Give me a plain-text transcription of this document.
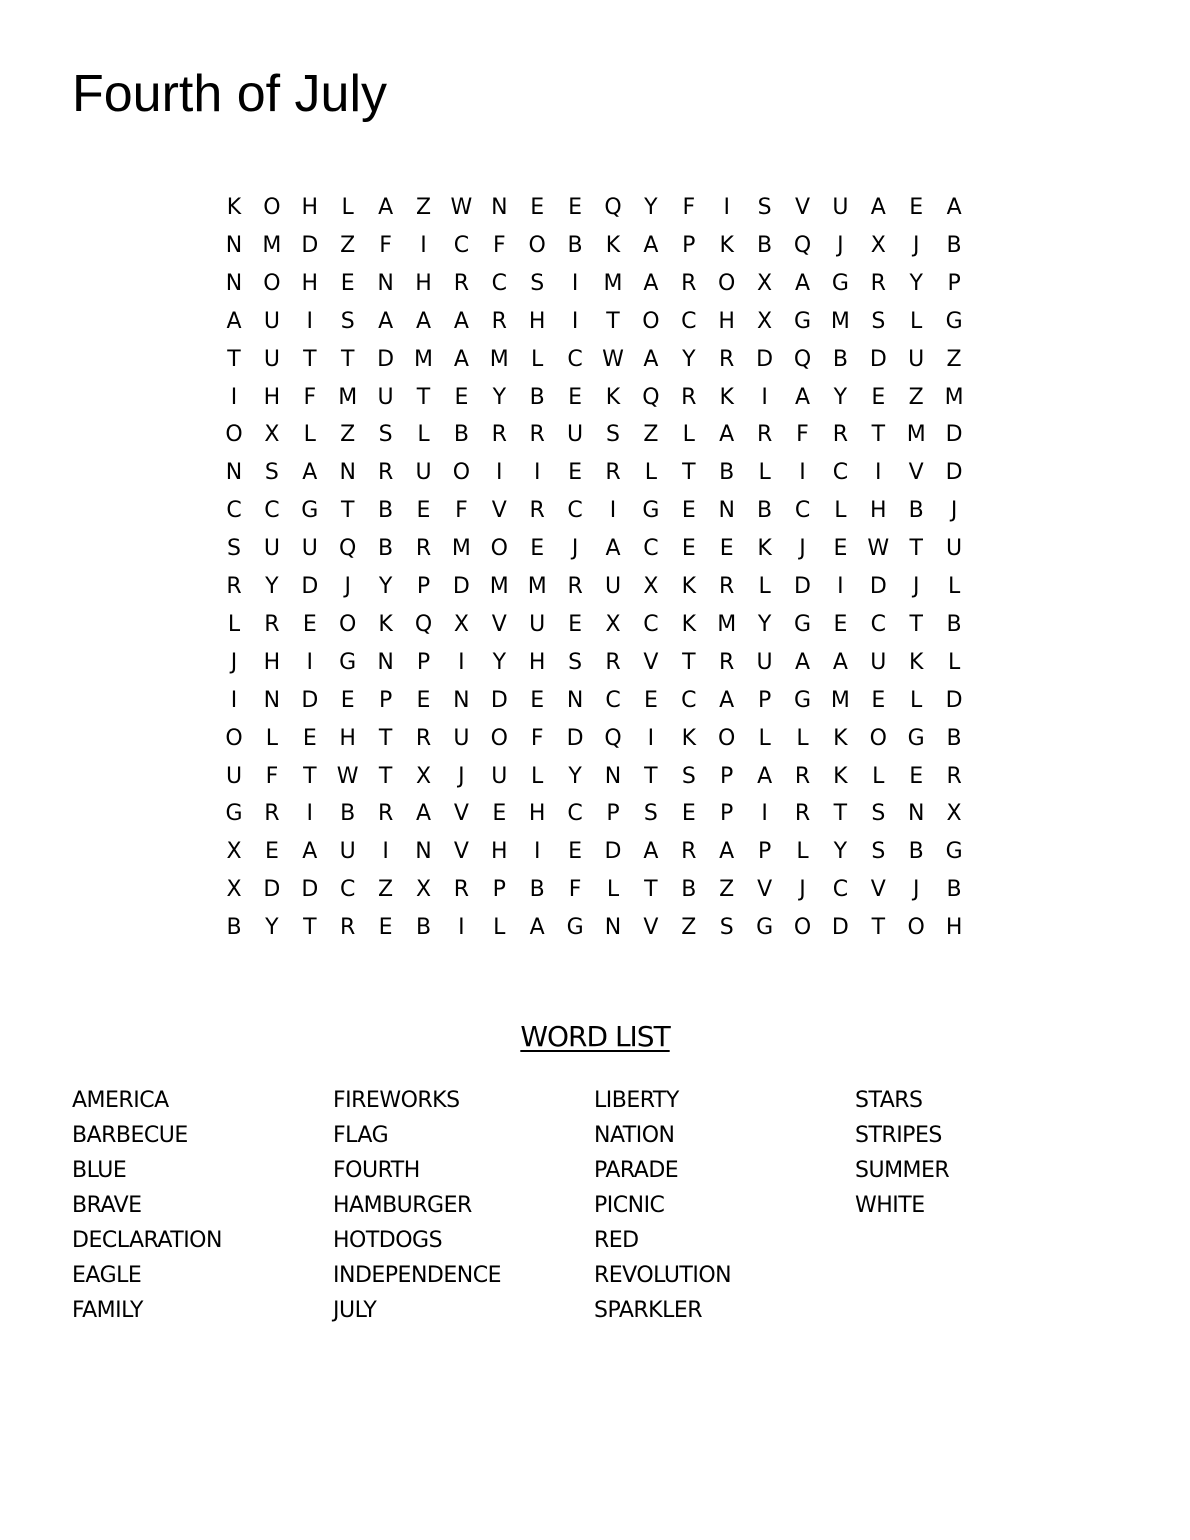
Fourth of July
K	O H	L	A	Z W N	E	E	Q	Y	F	I	S	V	U	A	E	A
N M D Z	F	I	C	F	O B	K	A	P	K	B Q	J	X	J	B
N O H	E	N H R	C	S	I	M A	R O X	A G R	Y	P
A	U	I	S	A	A	A	R H	I	T	O C H	X G M S	L	G
T	U	T	T	D M A M	L	C W A	Y	R D Q B D U	Z
I	H	F	M U	T	E	Y	B	E	K	Q R	K	I	A	Y	E	Z M
O X	L	Z	S	L	B	R	R	U	S	Z	L	A	R	F	R	T M D
N	S	A	N	R	U O	I	I	E	R	L	T	B	L	I	C	I	V D
C	C G	T	B	E	F	V	R	C	I	G	E	N	B	C	L	H	B	J
S	U U Q B	R M O	E	J	A	C	E	E	K	J	E W T	U
R	Y	D	J	Y	P	D M M R	U	X	K	R	L	D	I	D	J	L
L	R	E	O	K	Q X	V	U	E	X	C	K M Y	G	E	C	T	B
J	H	I	G N	P	I	Y	H	S	R	V	T	R	U	A	A	U	K	L
I	N D	E	P	E	N D	E	N C	E	C	A	P	G M E	L	D
O	L	E	H	T	R	U O	F	D Q	I	K	O	L	L	K	O G B
U	F	T W T	X	J	U	L	Y	N	T	S	P	A	R	K	L	E	R
G R	I	B	R	A	V	E	H C	P	S	E	P	I	R	T	S	N	X
X	E	A	U	I	N	V	H	I	E	D A	R	A	P	L	Y	S	B G
X D D C	Z	X	R	P	B	F	L	T	B	Z	V	J	C	V	J	B
B	Y	T	R	E	B	I	L	A G N	V	Z	S	G O D	T	O H
WORD LIST
AMERICA
BARBECUE
BLUE
BRAVE
DECLARATION
EAGLE
FAMILY
FIREWORKS
FLAG
FOURTH
HAMBURGER
HOTDOGS
INDEPENDENCE
JULY
LIBERTY
NATION
PARADE
PICNIC
RED
REVOLUTION
SPARKLER
STARS
STRIPES
SUMMER
WHITE
